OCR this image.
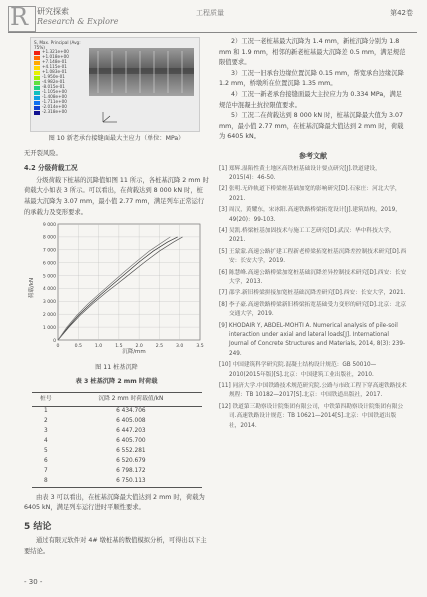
R 研究探索
Research & Explore
工程质量	第42卷
S, Max. Principal (Avg: 75%)
+1.321e+00
+1.018e+00
+7.148e-01
+4.115e-01
+1.083e-01
-1.950e-01
-4.982e-01
-8.015e-01
-1.105e+00
-1.408e+00
-1.711e+00
-2.014e+00
-2.318e+00

图 10 新老承台接缝面最大主应力（单位：MPa）

无开裂风险。

4.2 分级荷载工况

分级荷载下桩基的沉降值如图 11 所示，各桩基沉降 2 mm 时荷载大小如表 3 所示。可以看出，在荷载达到 8 000 kN 时，桩基最大沉降为 3.07 mm，最小值 2.77 mm，满足列车正常运行的承载力及变形要求。

0
1 000
2 000
3 000
4 000
5 000
6 000
7 000
8 000
9 000
0	0.5	1.0	1.5	2.0	2.5	3.0	3.5
荷载/kN
沉降/mm

图 11 桩基沉降

表 3 桩基沉降 2 mm 时荷载

桩号	沉降 2 mm 时荷载值/kN
1	6 434.706
2	6 405.008
3	6 447.203
4	6 405.700
5	6 552.281
6	6 520.679
7	6 798.172
8	6 750.113

由表 3 可以看出，在桩基沉降最大值达到 2 mm 时，荷载为 6405 kN，满足列车运行进时平顺性要求。

5 结论

通过有限元软件对 4# 墩桩基的数值模拟分析，可得出以下主要结论。

2）工况一老桩基最大沉降为 1.4 mm，新桩沉降分别为 1.8 mm 和 1.9 mm，相邻的新老桩基最大沉降差 0.5 mm，满足规范限值要求。

3）工况一旧承台边缘位置沉降 0.15 mm，帮宽承台边缘沉降 1.2 mm，桥墩所在位置沉降 1.35 mm。

4）工况一新老承台接缝面最大主拉应力为 0.334 MPa，满足规范中混凝土抗拉限值要求。

5）工况二在荷载达到 8 000 kN 时，桩基沉降最大值为 3.07 mm，最小值 2.77 mm，在桩基沉降最大值达到 2 mm 时，荷载为 6405 kN。

参考文献

[1] 郑辉.湿陷性黄土地区高铁桩基础设计要点研究[J].铁道建设，2015(4)：46-50.

[2] 张明.无砟轨道下桥梁桩基础加宽的影响研究[D].石家庄：河北大学，2021.

[3] 周汉，黄耀东，宋冰阳.高速铁路桥梁拓宽设计[J].建筑结构，2019，49(20)：99-103.

[4] 吴凯.桥梁桩基加固技术与施工工艺研究[D].武汉：华中科技大学，2021.

[5] 王蒙蒙.高速公路扩建工程新老桥梁拓宽桩基沉降差控制技术研究[D].西安：长安大学，2019.

[6] 陈慧峰.高速公路桥梁加宽桩基础沉降差异控制技术研究[D].西安：长安大学，2013.

[7] 邵学.新旧桥梁拼接加宽桩基础沉降差研究[D].西安：长安大学，2021.

[8] 李子豪.高速铁路桥梁新旧桥梁拓宽基础受力变形的研究[D].北京：北京交通大学，2019.

[9] KHODAIR Y, ABDEL-MOHTI A. Numerical analysis of pile-soil interaction under axial and lateral loads[J]. International Journal of Concrete Structures and Materials, 2014, 8(3): 239-249.

[10] 中国建筑科学研究院.混凝土结构设计规范：GB 50010—2010(2015年版)[S].北京：中国建筑工业出版社，2010.

[11] 同济大学.中国铁路技术规范研究院.公路与市政工程下穿高速铁路技术规程：TB 10182—2017[S].北京：中国铁道出版社，2017.

[12] 铁道第三勘察设计院集团有限公司，中铁第四勘察设计院集团有限公司.高速铁路设计规范：TB 10621—2014[S].北京：中国铁道出版社，2014.

- 30 -
